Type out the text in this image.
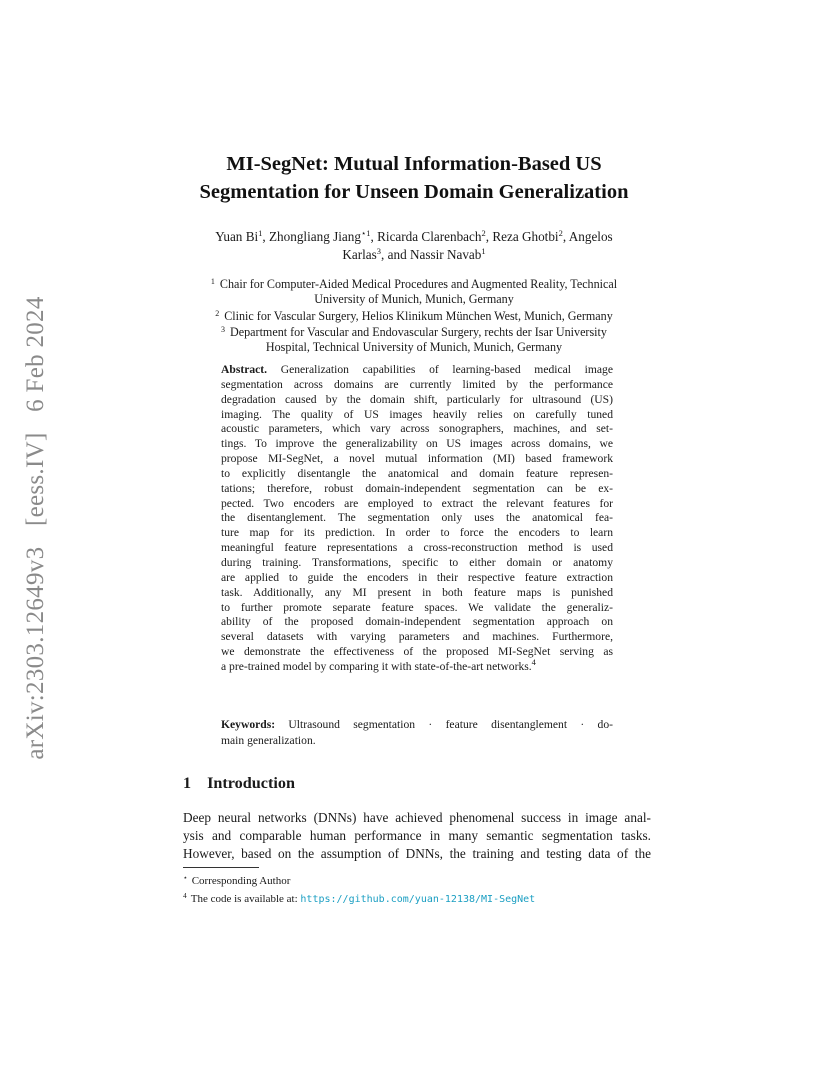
arXiv:2303.12649v3 [eess.IV] 6 Feb 2024
MI-SegNet: Mutual Information-Based US
Segmentation for Unseen Domain Generalization
Yuan Bi$^1$, Zhongliang Jiang$^{⋆1}$, Ricarda Clarenbach$^2$, Reza Ghotbi$^2$, Angelos
Karlas$^3$, and Nassir Navab$^1$
$^1$ Chair for Computer-Aided Medical Procedures and Augmented Reality, Technical
University of Munich, Munich, Germany
$^2$ Clinic for Vascular Surgery, Helios Klinikum München West, Munich, Germany
$^3$ Department for Vascular and Endovascular Surgery, rechts der Isar University
Hospital, Technical University of Munich, Munich, Germany
Abstract. Generalization capabilities of learning-based medical image
segmentation across domains are currently limited by the performance
degradation caused by the domain shift, particularly for ultrasound (US)
imaging. The quality of US images heavily relies on carefully tuned
acoustic parameters, which vary across sonographers, machines, and set-
tings. To improve the generalizability on US images across domains, we
propose MI-SegNet, a novel mutual information (MI) based framework
to explicitly disentangle the anatomical and domain feature represen-
tations; therefore, robust domain-independent segmentation can be ex-
pected. Two encoders are employed to extract the relevant features for
the disentanglement. The segmentation only uses the anatomical fea-
ture map for its prediction. In order to force the encoders to learn
meaningful feature representations a cross-reconstruction method is used
during training. Transformations, specific to either domain or anatomy
are applied to guide the encoders in their respective feature extraction
task. Additionally, any MI present in both feature maps is punished
to further promote separate feature spaces. We validate the generaliz-
ability of the proposed domain-independent segmentation approach on
several datasets with varying parameters and machines. Furthermore,
we demonstrate the effectiveness of the proposed MI-SegNet serving as
a pre-trained model by comparing it with state-of-the-art networks.$^4$
Keywords: Ultrasound segmentation · feature disentanglement · do-
main generalization.
1 Introduction
Deep neural networks (DNNs) have achieved phenomenal success in image anal-
ysis and comparable human performance in many semantic segmentation tasks.
However, based on the assumption of DNNs, the training and testing data of the
⋆ Corresponding Author
$^4$ The code is available at: https://github.com/yuan-12138/MI-SegNet
